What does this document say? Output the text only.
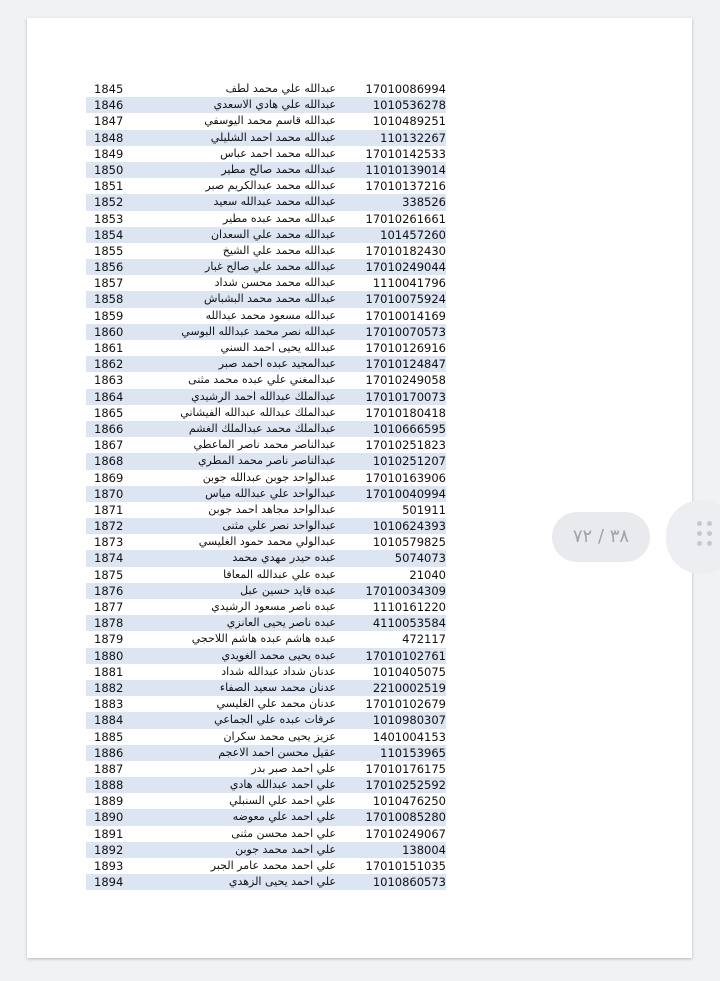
1845	عبدالله علي محمد لطف	17010086994
1846	عبدالله علي هادي الاسعدي	1010536278
1847	عبدالله قاسم محمد اليوسفي	1010489251
1848	عبدالله محمد احمد الشليلي	110132267
1849	عبدالله محمد احمد عباس	17010142533
1850	عبدالله محمد صالح مطير	11010139014
1851	عبدالله محمد عبدالكريم صبر	17010137216
1852	عبدالله محمد عبدالله سعيد	338526
1853	عبدالله محمد عبده مطير	17010261661
1854	عبدالله محمد علي السعدان	101457260
1855	عبدالله محمد علي الشيخ	17010182430
1856	عبدالله محمد علي صالح غبار	17010249044
1857	عبدالله محمد محسن شداد	1110041796
1858	عبدالله محمد محمد البشباش	17010075924
1859	عبدالله مسعود محمد عبدالله	17010014169
1860	عبدالله نصر محمد عبدالله البوسي	17010070573
1861	عبدالله يحيى احمد السني	17010126916
1862	عبدالمجيد عبده احمد صبر	17010124847
1863	عبدالمغني علي عبده محمد مثنى	17010249058
1864	عبدالملك عبدالله احمد الرشيدي	17010170073
1865	عبدالملك عبدالله عبدالله الفيشاني	17010180418
1866	عبدالملك محمد عبدالملك الغشم	1010666595
1867	عبدالناصر محمد ناصر الماعطي	17010251823
1868	عبدالناصر ناصر محمد المطري	1010251207
1869	عبدالواحد جوبن عبدالله جوبن	17010163906
1870	عبدالواحد علي عبدالله مياس	17010040994
1871	عبدالواحد مجاهد احمد جوبن	501911
1872	عبدالواحد نصر علي مثنى	1010624393
1873	عبدالولي محمد حمود الغليسي	1010579825
1874	عبده حيدر مهدي محمد	5074073
1875	عبده علي عبدالله المعافا	21040
1876	عبده قايد حسين عبل	17010034309
1877	عبده ناصر مسعود الرشيدي	1110161220
1878	عبده ناصر يحيى العانزي	4110053584
1879	عبده هاشم عبده هاشم اللاحجي	472117
1880	عبده يحيى محمد الغويدي	17010102761
1881	عدنان شداد عبدالله شداد	1010405075
1882	عدنان محمد سعيد الصفاء	2210002519
1883	عدنان محمد علي الغليسي	17010102679
1884	عرفات عبده علي الجماعي	1010980307
1885	عزيز يحيى محمد سكران	1401004153
1886	عقيل محسن احمد الاعجم	110153965
1887	علي احمد صبر بدر	17010176175
1888	علي احمد عبدالله هادي	17010252592
1889	علي احمد علي السنبلي	1010476250
1890	علي احمد علي معوضه	17010085280
1891	علي احمد محسن مثنى	17010249067
1892	علي احمد محمد جوبن	138004
1893	علي احمد محمد عامر الجبر	17010151035
1894	علي احمد يحيى الزهدي	1010860573
٣٨ / ٧٢
